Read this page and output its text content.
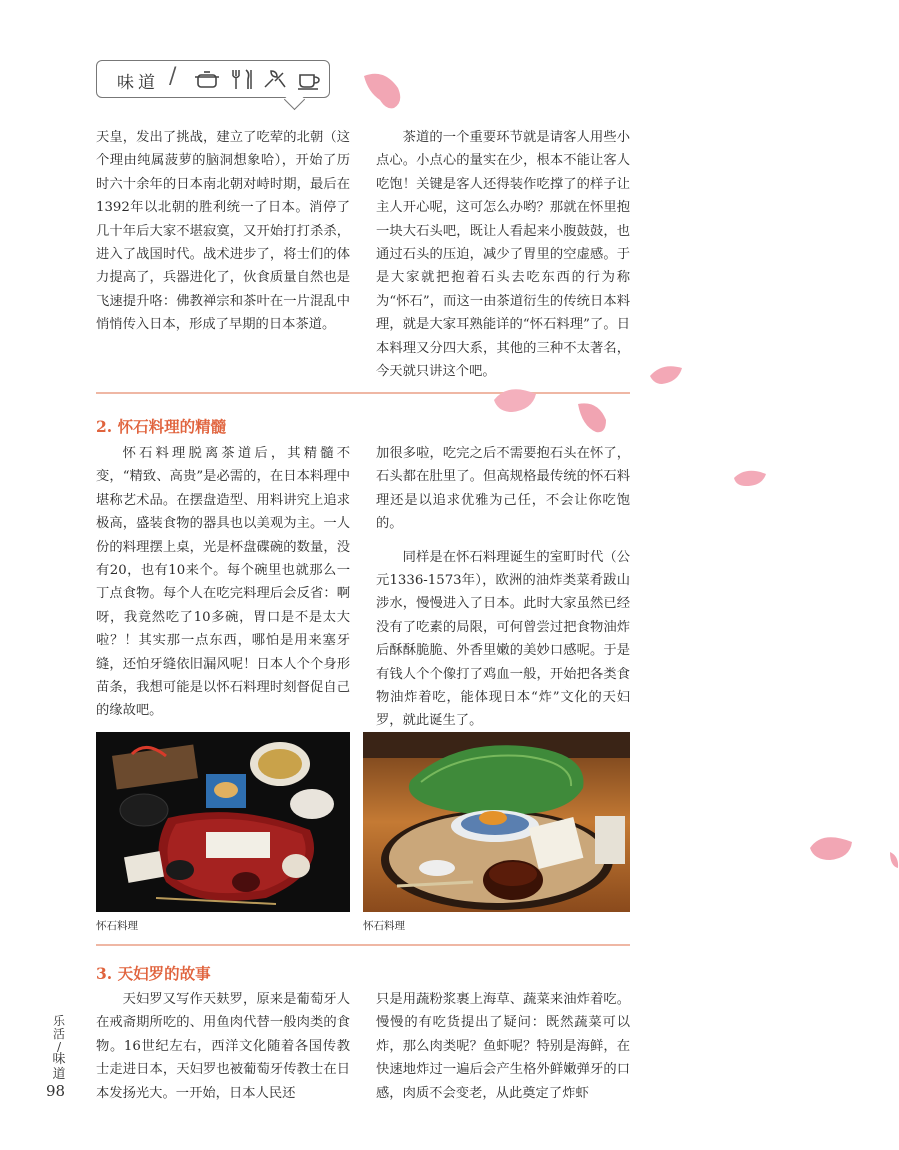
味道 /

天皇，发出了挑战，建立了吃荤的北朝（这个理由纯属菠萝的脑洞想象哈），开始了历时六十余年的日本南北朝对峙时期，最后在1392年以北朝的胜利统一了日本。消停了几十年后大家不堪寂寞，又开始打打杀杀，进入了战国时代。战术进步了，将士们的体力提高了，兵器进化了，伙食质量自然也是飞速提升咯：佛教禅宗和茶叶在一片混乱中悄悄传入日本，形成了早期的日本茶道。

茶道的一个重要环节就是请客人用些小点心。小点心的量实在少，根本不能让客人吃饱！关键是客人还得装作吃撑了的样子让主人开心呢，这可怎么办哟？那就在怀里抱一块大石头吧，既让人看起来小腹鼓鼓，也通过石头的压迫，减少了胃里的空虚感。于是大家就把抱着石头去吃东西的行为称为“怀石”，而这一由茶道衍生的传统日本料理，就是大家耳熟能详的“怀石料理”了。日本料理又分四大系，其他的三种不太著名，今天就只讲这个吧。

2. 怀石料理的精髓

怀石料理脱离茶道后，其精髓不变，“精致、高贵”是必需的，在日本料理中堪称艺术品。在摆盘造型、用料讲究上追求极高，盛装食物的器具也以美观为主。一人份的料理摆上桌，光是杯盘碟碗的数量，没有20，也有10来个。每个碗里也就那么一丁点食物。每个人在吃完料理后会反省：啊呀，我竟然吃了10多碗，胃口是不是太大啦？！其实那一点东西，哪怕是用来塞牙缝，还怕牙缝依旧漏风呢！日本人个个身形苗条，我想可能是以怀石料理时刻督促自己的缘故吧。

加很多啦，吃完之后不需要抱石头在怀了，石头都在肚里了。但高规格最传统的怀石料理还是以追求优雅为己任，不会让你吃饱的。

同样是在怀石料理诞生的室町时代（公元1336-1573年），欧洲的油炸类菜肴跋山涉水，慢慢进入了日本。此时大家虽然已经没有了吃素的局限，可何曾尝过把食物油炸后酥酥脆脆、外香里嫩的美妙口感呢。于是有钱人个个像打了鸡血一般，开始把各类食物油炸着吃，能体现日本“炸”文化的天妇罗，就此诞生了。

怀石料理	怀石料理
3. 天妇罗的故事

天妇罗又写作天麸罗，原来是葡萄牙人在戒斋期所吃的、用鱼肉代替一般肉类的食物。16世纪左右，西洋文化随着各国传教士走进日本，天妇罗也被葡萄牙传教士在日本发扬光大。一开始，日本人民还

只是用蔬粉浆裹上海草、蔬菜来油炸着吃。慢慢的有吃货提出了疑问：既然蔬菜可以炸，那么肉类呢？鱼虾呢？特别是海鲜，在快速地炸过一遍后会产生格外鲜嫩弹牙的口感，肉质不会变老，从此奠定了炸虾

乐活
/
味道
98
